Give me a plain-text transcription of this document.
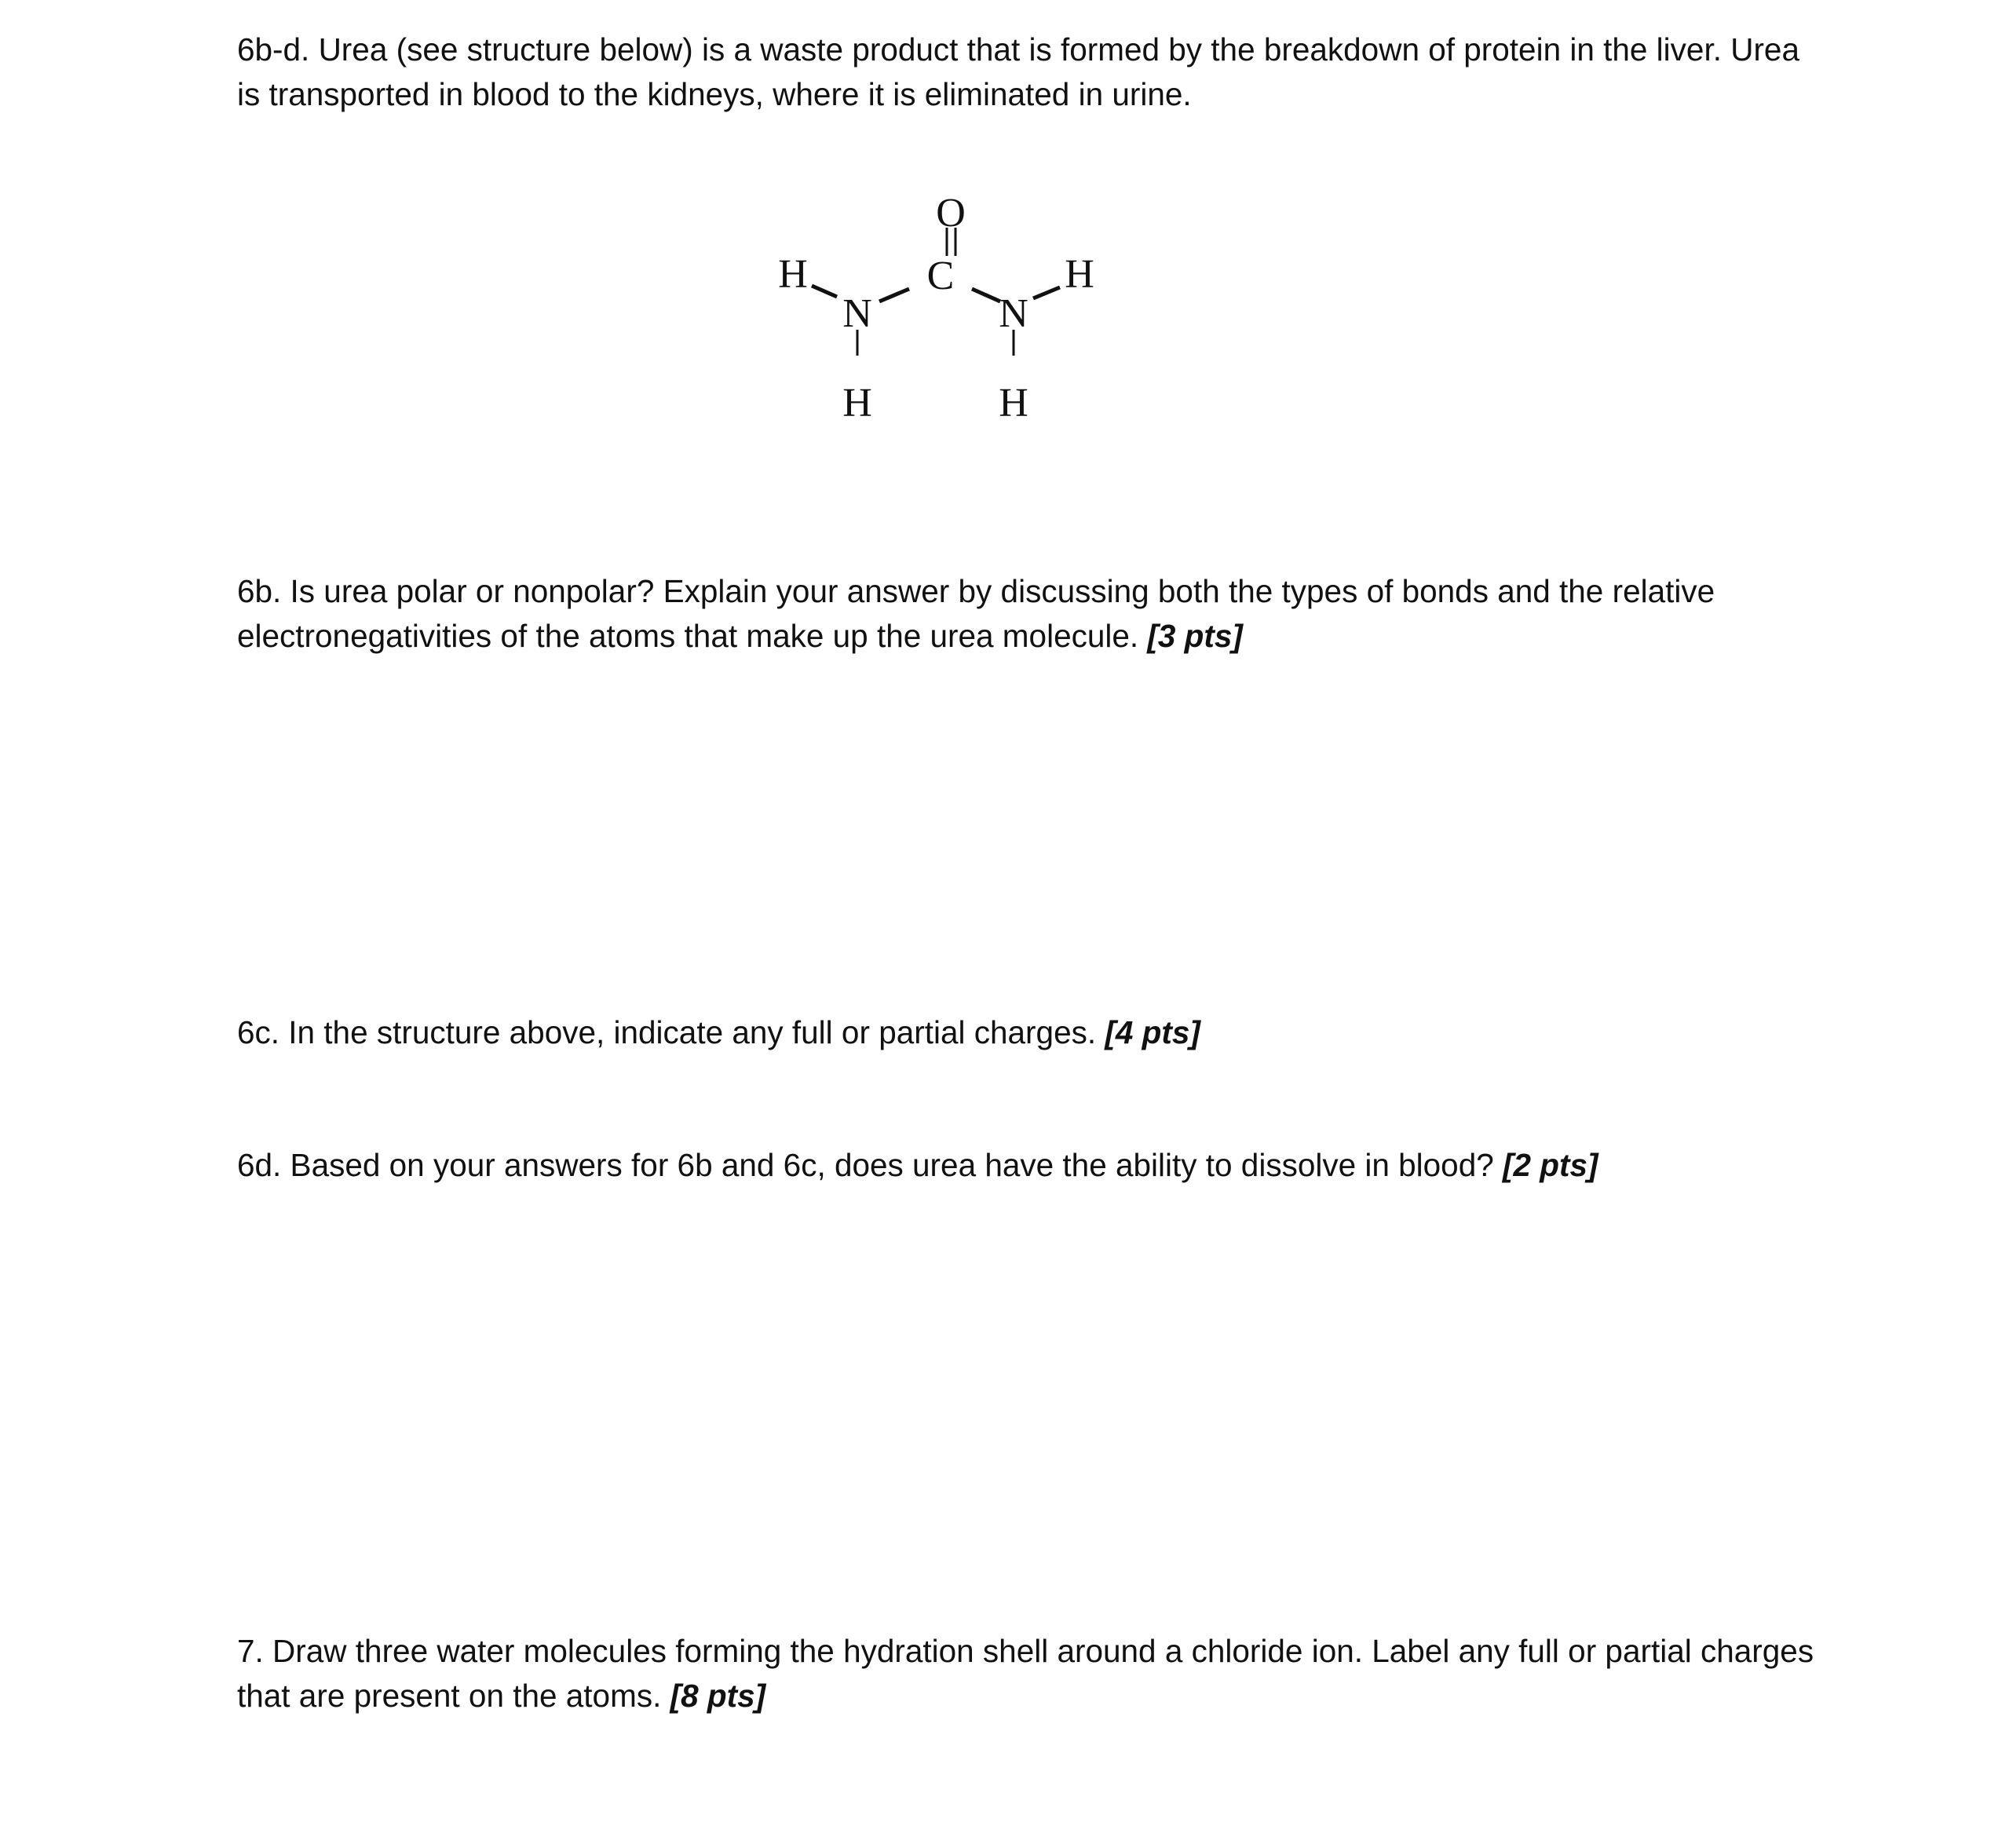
6b-d. Urea (see structure below) is a waste product that is formed by the breakdown of protein in the liver. Urea is transported in blood to the kidneys, where it is eliminated in urine.

O
C
H	H
N	N
H	H

6b. Is urea polar or nonpolar? Explain your answer by discussing both the types of bonds and the relative electronegativities of the atoms that make up the urea molecule. [3 pts]

6c. In the structure above, indicate any full or partial charges. [4 pts]

6d. Based on your answers for 6b and 6c, does urea have the ability to dissolve in blood? [2 pts]

7. Draw three water molecules forming the hydration shell around a chloride ion. Label any full or partial charges that are present on the atoms. [8 pts]
